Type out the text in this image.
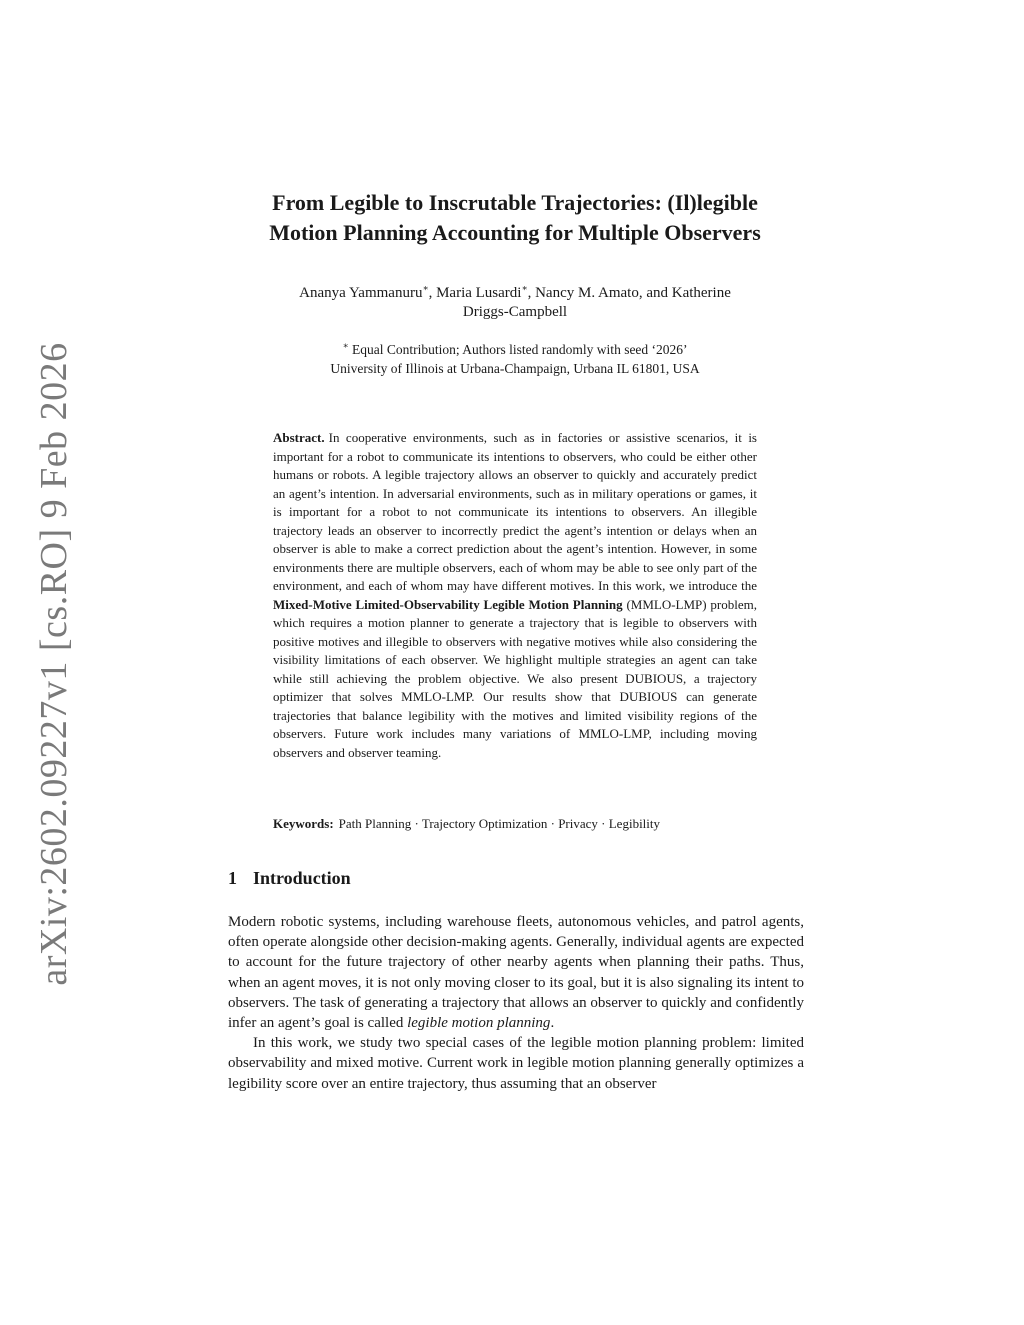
arXiv:2602.09227v1 [cs.RO] 9 Feb 2026
From Legible to Inscrutable Trajectories: (Il)legible
Motion Planning Accounting for Multiple Observers
Ananya Yammanuru∗, Maria Lusardi∗, Nancy M. Amato, and Katherine
Driggs-Campbell
∗ Equal Contribution; Authors listed randomly with seed ‘2026’
University of Illinois at Urbana-Champaign, Urbana IL 61801, USA
Abstract. In cooperative environments, such as in factories or assistive scenarios, it is important for a robot to communicate its intentions to observers, who could be either other humans or robots. A legible trajectory allows an observer to quickly and accurately predict an agent’s intention. In adversarial environments, such as in military operations or games, it is important for a robot to not communicate its intentions to observers. An illegible trajectory leads an observer to incorrectly predict the agent’s intention or delays when an observer is able to make a correct prediction about the agent’s intention. However, in some environments there are multiple observers, each of whom may be able to see only part of the environment, and each of whom may have different motives. In this work, we introduce the Mixed-Motive Limited-Observability Legible Motion Planning (MMLO-LMP) problem, which requires a motion planner to generate a trajectory that is legible to observers with positive motives and illegible to observers with negative motives while also considering the visibility limitations of each observer. We highlight multiple strategies an agent can take while still achieving the problem objective. We also present DUBIOUS, a trajectory optimizer that solves MMLO-LMP. Our results show that DUBIOUS can generate trajectories that balance legibility with the motives and limited visibility regions of the observers. Future work includes many variations of MMLO-LMP, including moving observers and observer teaming.
Keywords: Path Planning · Trajectory Optimization · Privacy · Legibility
1 Introduction

Modern robotic systems, including warehouse fleets, autonomous vehicles, and patrol agents, often operate alongside other decision-making agents. Generally, individual agents are expected to account for the future trajectory of other nearby agents when planning their paths. Thus, when an agent moves, it is not only moving closer to its goal, but it is also signaling its intent to observers. The task of generating a trajectory that allows an observer to quickly and confidently infer an agent’s goal is called legible motion planning.

In this work, we study two special cases of the legible motion planning problem: limited observability and mixed motive. Current work in legible motion planning generally optimizes a legibility score over an entire trajectory, thus assuming that an observer
